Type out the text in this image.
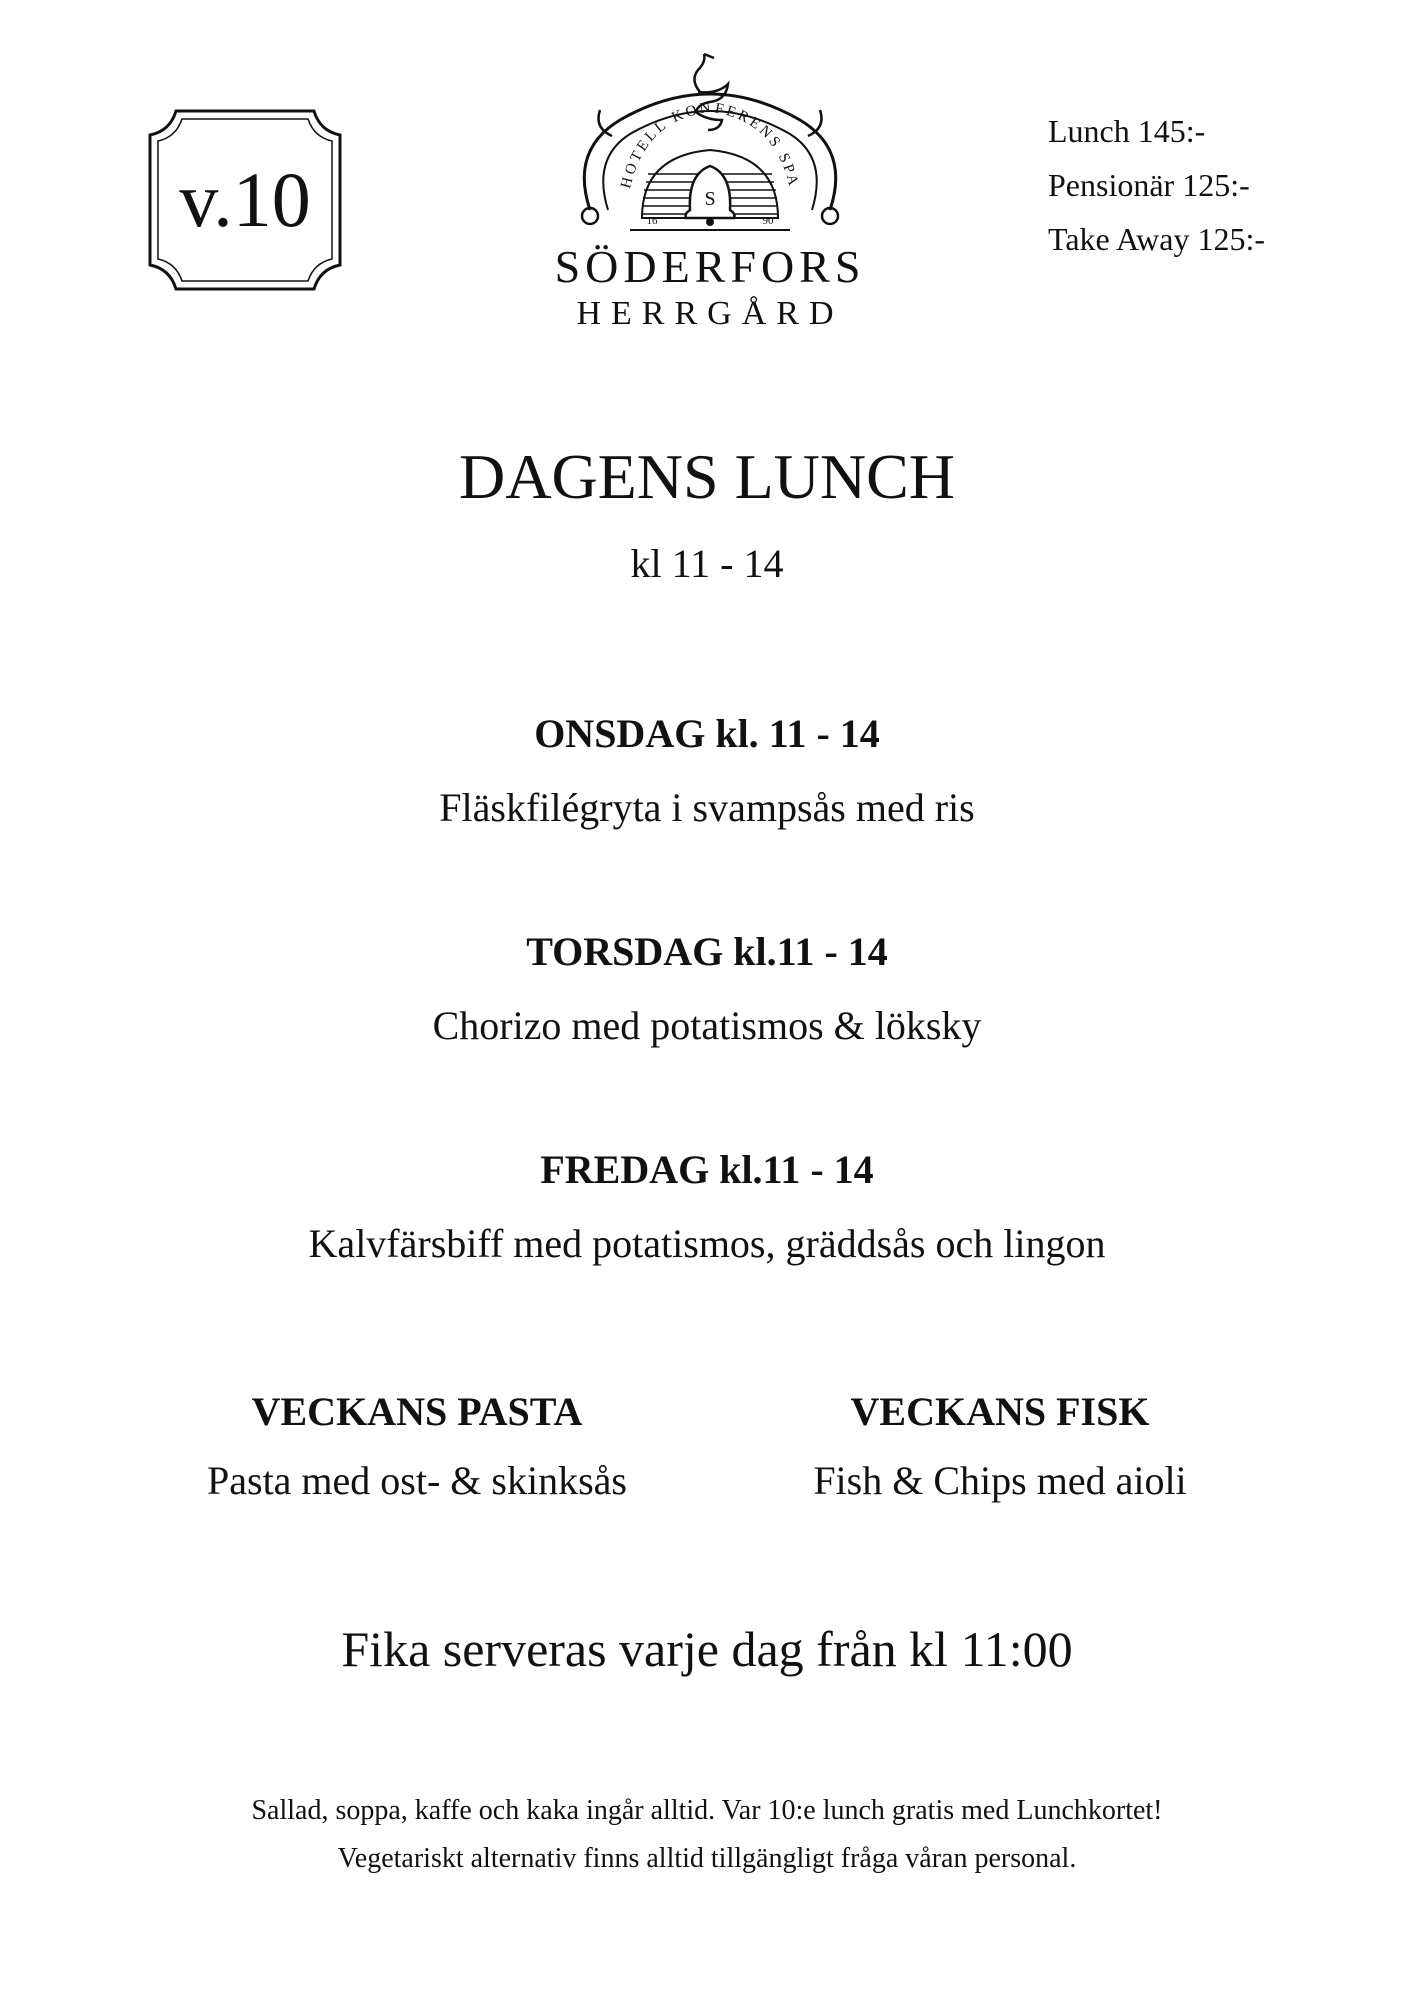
v.10	HOTELL KONFERENS SPA
S
16	90
SÖDERFORS
HERRGÅRD
Lunch 145:-
Pensionär 125:-
Take Away 125:-
DAGENS LUNCH
kl 11 - 14
ONSDAG kl. 11 - 14
Fläskfilégryta i svampsås med ris
TORSDAG kl.11 - 14
Chorizo med potatismos & löksky
FREDAG kl.11 - 14
Kalvfärsbiff med potatismos, gräddsås och lingon
VECKANS PASTA
Pasta med ost- & skinksås
VECKANS FISK
Fish & Chips med aioli
Fika serveras varje dag från kl 11:00
Sallad, soppa, kaffe och kaka ingår alltid. Var 10:e lunch gratis med Lunchkortet!
Vegetariskt alternativ finns alltid tillgängligt fråga våran personal.
